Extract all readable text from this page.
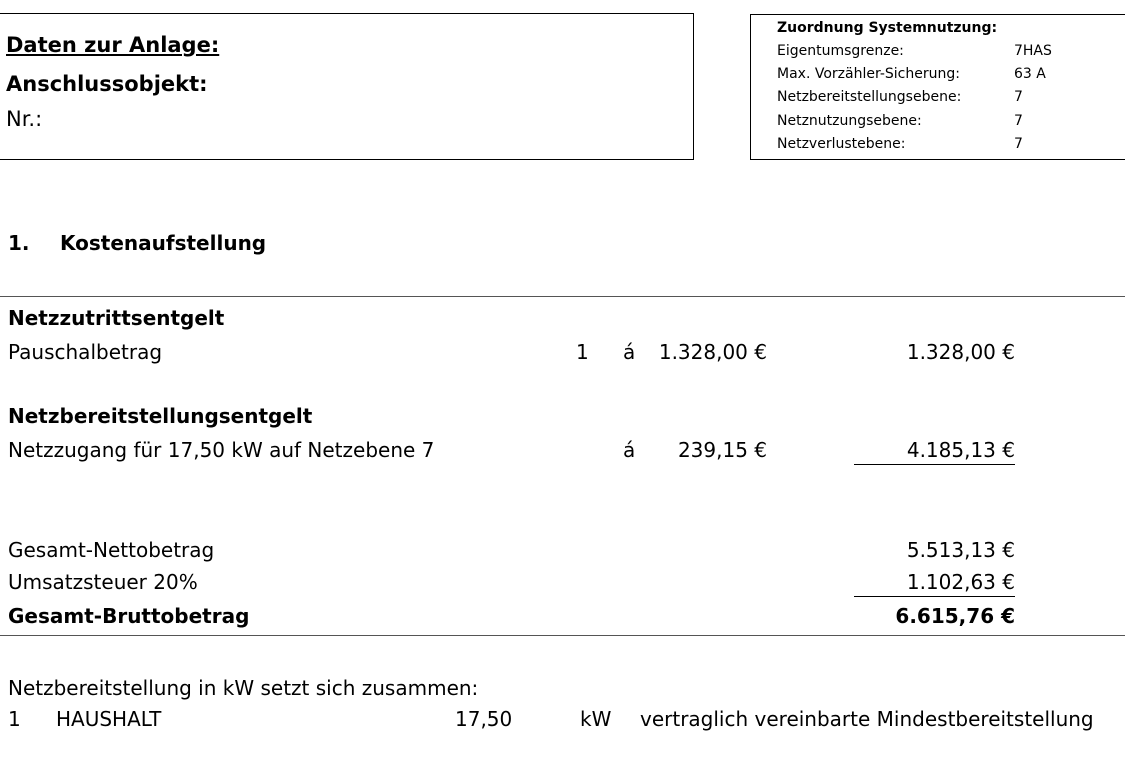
Daten zur Anlage:
Anschlussobjekt:
Nr.:
Zuordnung Systemnutzung:
Eigentumsgrenze:	7HAS
Max. Vorzähler-Sicherung:	63 A
Netzbereitstellungsebene:	7
Netznutzungsebene:	7
Netzverlustebene:	7
1. Kostenaufstellung
Netzzutrittsentgelt
Pauschalbetrag	1 á 1.328,00 €	1.328,00 €
Netzbereitstellungsentgelt
Netzzugang für 17,50 kW auf Netzebene 7	á 239,15 €	4.185,13 €
Gesamt-Nettobetrag	5.513,13 €
Umsatzsteuer 20%	1.102,63 €
Gesamt-Bruttobetrag	6.615,76 €
Netzbereitstellung in kW setzt sich zusammen:
1 HAUSHALT	17,50	kW vertraglich vereinbarte Mindestbereitstellung
